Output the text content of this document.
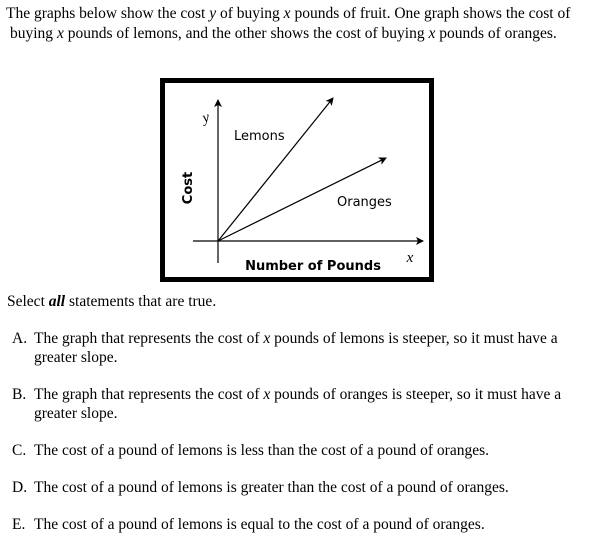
The graphs below show the cost y of buying x pounds of fruit. One graph shows the cost of
buying x pounds of lemons, and the other shows the cost of buying x pounds of oranges.
y
x
Lemons
Oranges
Cost
Number of Pounds
Select all statements that are true.
A. The graph that represents the cost of x pounds of lemons is steeper, so it must have a
greater slope.
B. The graph that represents the cost of x pounds of oranges is steeper, so it must have a
greater slope.
C. The cost of a pound of lemons is less than the cost of a pound of oranges.
D. The cost of a pound of lemons is greater than the cost of a pound of oranges.
E. The cost of a pound of lemons is equal to the cost of a pound of oranges.
